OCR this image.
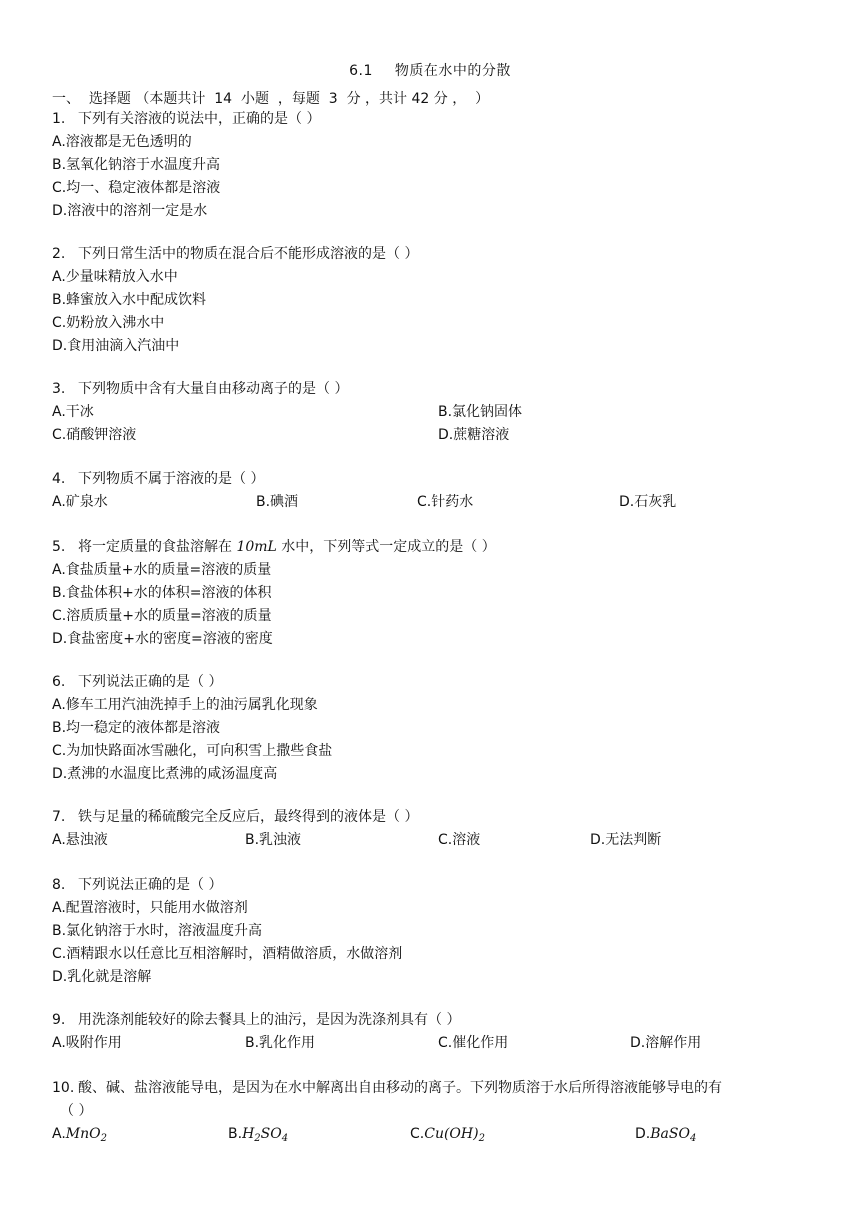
6.1 物质在水中的分散
一、  选择题 （本题共计  14  小题  ，每题  3  分 ，共计 42 分 ，  ）
1. 下列有关溶液的说法中，正确的是（ ）
A.溶液都是无色透明的
B.氢氧化钠溶于水温度升高
C.均一、稳定液体都是溶液
D.溶液中的溶剂一定是水
2. 下列日常生活中的物质在混合后不能形成溶液的是（ ）
A.少量味精放入水中
B.蜂蜜放入水中配成饮料
C.奶粉放入沸水中
D.食用油滴入汽油中
3. 下列物质中含有大量自由移动离子的是（ ）
A.干冰	B.氯化钠固体
C.硝酸钾溶液	D.蔗糖溶液
4. 下列物质不属于溶液的是（ ）
A.矿泉水	B.碘酒	C.针药水	D.石灰乳
5. 将一定质量的食盐溶解在 10mL 水中，下列等式一定成立的是（ ）
A.食盐质量+水的质量=溶液的质量
B.食盐体积+水的体积=溶液的体积
C.溶质质量+水的质量=溶液的质量
D.食盐密度+水的密度=溶液的密度
6. 下列说法正确的是（ ）
A.修车工用汽油洗掉手上的油污属乳化现象
B.均一稳定的液体都是溶液
C.为加快路面冰雪融化，可向积雪上撒些食盐
D.煮沸的水温度比煮沸的咸汤温度高
7. 铁与足量的稀硫酸完全反应后，最终得到的液体是（ ）
A.悬浊液	B.乳浊液	C.溶液	D.无法判断
8. 下列说法正确的是（ ）
A.配置溶液时，只能用水做溶剂
B.氯化钠溶于水时，溶液温度升高
C.酒精跟水以任意比互相溶解时，酒精做溶质，水做溶剂
D.乳化就是溶解
9. 用洗涤剂能较好的除去餐具上的油污，是因为洗涤剂具有（ ）
A.吸附作用	B.乳化作用	C.催化作用	D.溶解作用
10. 酸、碱、盐溶液能导电，是因为在水中解离出自由移动的离子。下列物质溶于水后所得溶液能够导电的有
（ ）
A.MnO$_2$	$B.H_2SO_4$	$C.Cu(OH)_2$	D.BaSO$_4$
